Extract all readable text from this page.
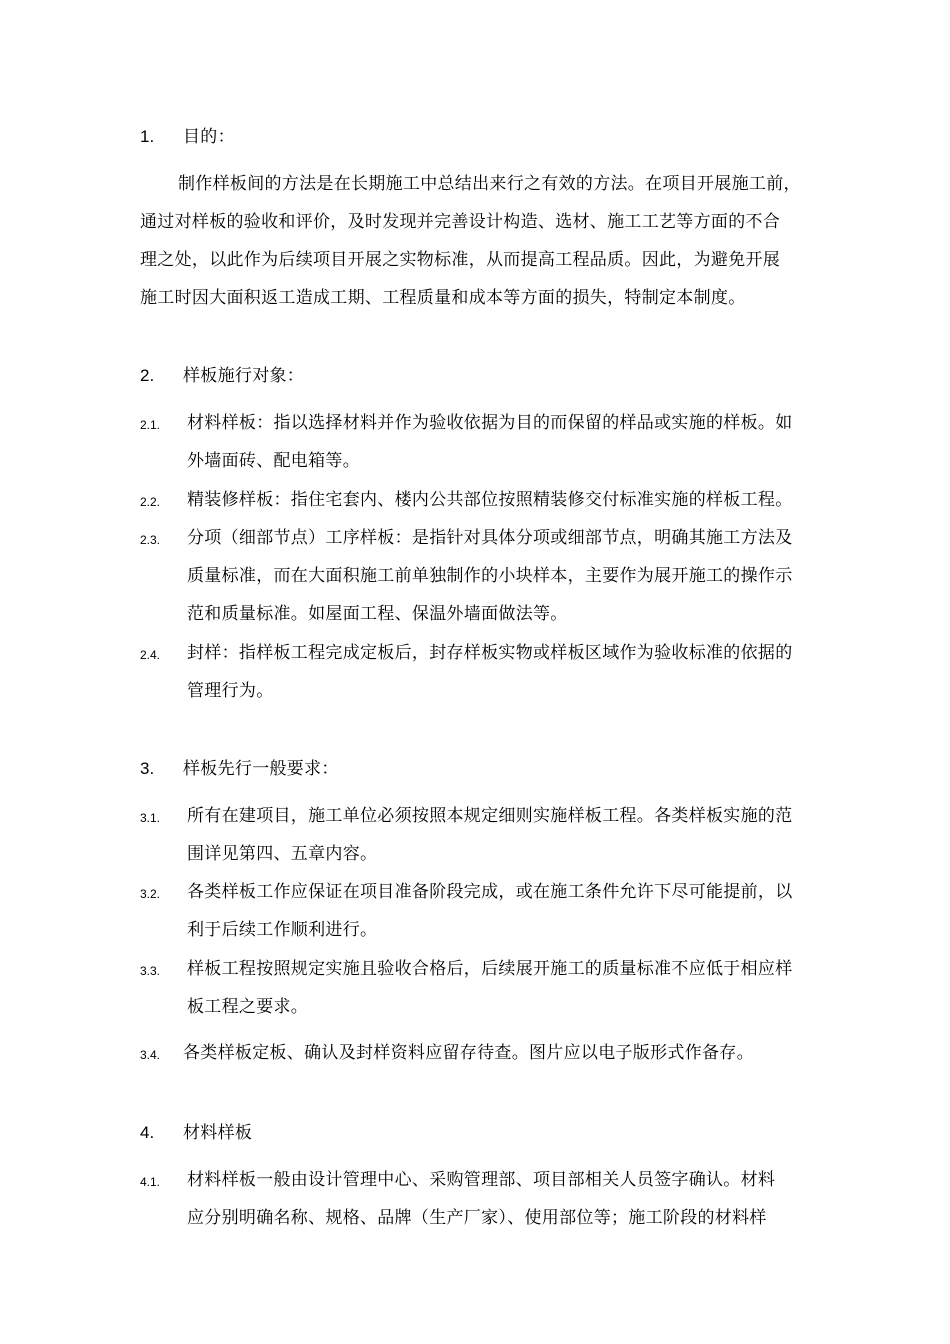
1. 目的：
制作样板间的方法是在长期施工中总结出来行之有效的方法。在项目开展施工前，
通过对样板的验收和评价，及时发现并完善设计构造、选材、施工工艺等方面的不合
理之处，以此作为后续项目开展之实物标准，从而提高工程品质。因此，为避免开展
施工时因大面积返工造成工期、工程质量和成本等方面的损失，特制定本制度。
2. 样板施行对象：
2.1. 材料样板：指以选择材料并作为验收依据为目的而保留的样品或实施的样板。如
外墙面砖、配电箱等。
2.2. 精装修样板：指住宅套内、楼内公共部位按照精装修交付标准实施的样板工程。
2.3. 分项（细部节点）工序样板：是指针对具体分项或细部节点，明确其施工方法及
质量标准，而在大面积施工前单独制作的小块样本，主要作为展开施工的操作示
范和质量标准。如屋面工程、保温外墙面做法等。
2.4. 封样：指样板工程完成定板后，封存样板实物或样板区域作为验收标准的依据的
管理行为。
3. 样板先行一般要求：
3.1. 所有在建项目，施工单位必须按照本规定细则实施样板工程。各类样板实施的范
围详见第四、五章内容。
3.2. 各类样板工作应保证在项目准备阶段完成，或在施工条件允许下尽可能提前，以
利于后续工作顺利进行。
3.3. 样板工程按照规定实施且验收合格后，后续展开施工的质量标准不应低于相应样
板工程之要求。
3.4. 各类样板定板、确认及封样资料应留存待查。图片应以电子版形式作备存。
4. 材料样板
4.1. 材料样板一般由设计管理中心、采购管理部、项目部相关人员签字确认。材料
应分别明确名称、规格、品牌（生产厂家）、使用部位等；施工阶段的材料样
